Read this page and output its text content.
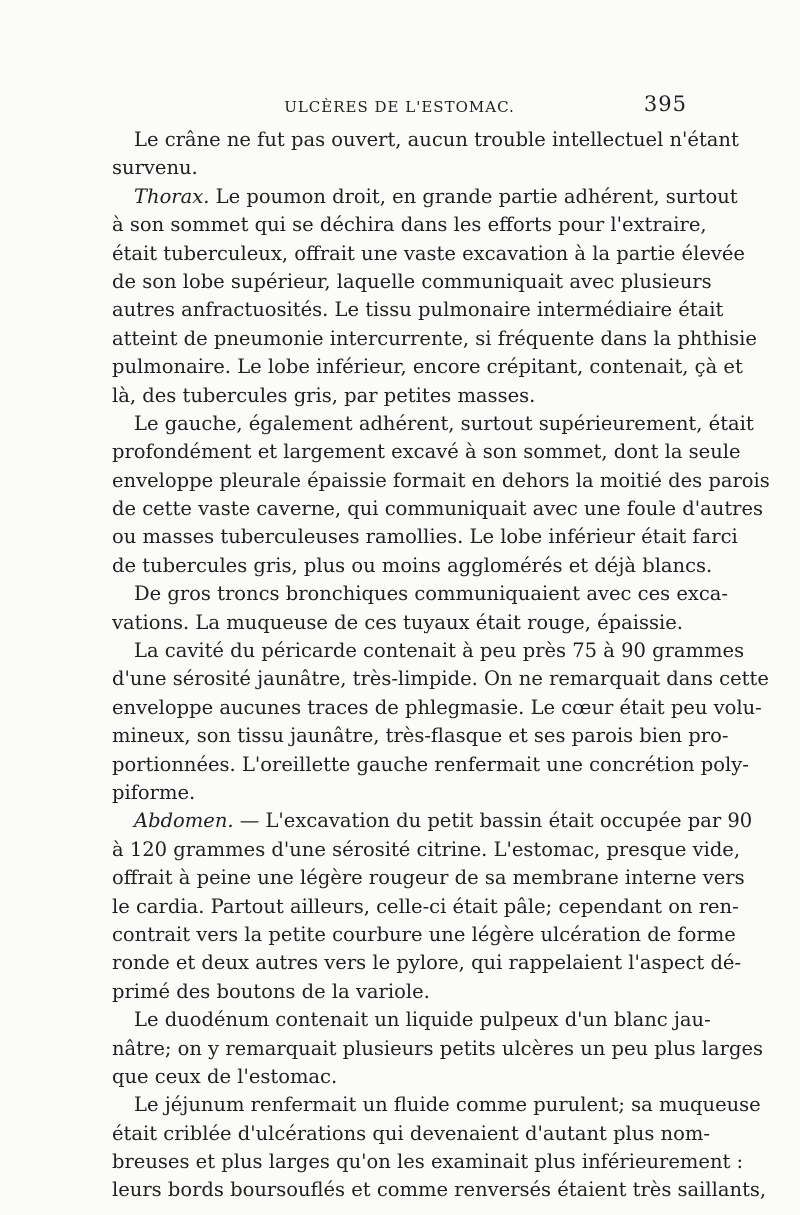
ULCÈRES DE L'ESTOMAC.	395
Le crâne ne fut pas ouvert, aucun trouble intellectuel n'étant
survenu.
Thorax. Le poumon droit, en grande partie adhérent, surtout
à son sommet qui se déchira dans les efforts pour l'extraire,
était tuberculeux, offrait une vaste excavation à la partie élevée
de son lobe supérieur, laquelle communiquait avec plusieurs
autres anfractuosités. Le tissu pulmonaire intermédiaire était
atteint de pneumonie intercurrente, si fréquente dans la phthisie
pulmonaire. Le lobe inférieur, encore crépitant, contenait, çà et
là, des tubercules gris, par petites masses.
Le gauche, également adhérent, surtout supérieurement, était
profondément et largement excavé à son sommet, dont la seule
enveloppe pleurale épaissie formait en dehors la moitié des parois
de cette vaste caverne, qui communiquait avec une foule d'autres
ou masses tuberculeuses ramollies. Le lobe inférieur était farci
de tubercules gris, plus ou moins agglomérés et déjà blancs.
De gros troncs bronchiques communiquaient avec ces exca-
vations. La muqueuse de ces tuyaux était rouge, épaissie.
La cavité du péricarde contenait à peu près 75 à 90 grammes
d'une sérosité jaunâtre, très-limpide. On ne remarquait dans cette
enveloppe aucunes traces de phlegmasie. Le cœur était peu volu-
mineux, son tissu jaunâtre, très-flasque et ses parois bien pro-
portionnées. L'oreillette gauche renfermait une concrétion poly-
piforme.
Abdomen. — L'excavation du petit bassin était occupée par 90
à 120 grammes d'une sérosité citrine. L'estomac, presque vide,
offrait à peine une légère rougeur de sa membrane interne vers
le cardia. Partout ailleurs, celle-ci était pâle; cependant on ren-
contrait vers la petite courbure une légère ulcération de forme
ronde et deux autres vers le pylore, qui rappelaient l'aspect dé-
primé des boutons de la variole.
Le duodénum contenait un liquide pulpeux d'un blanc jau-
nâtre; on y remarquait plusieurs petits ulcères un peu plus larges
que ceux de l'estomac.
Le jéjunum renfermait un fluide comme purulent; sa muqueuse
était criblée d'ulcérations qui devenaient d'autant plus nom-
breuses et plus larges qu'on les examinait plus inférieurement :
leurs bords boursouflés et comme renversés étaient très saillants,
